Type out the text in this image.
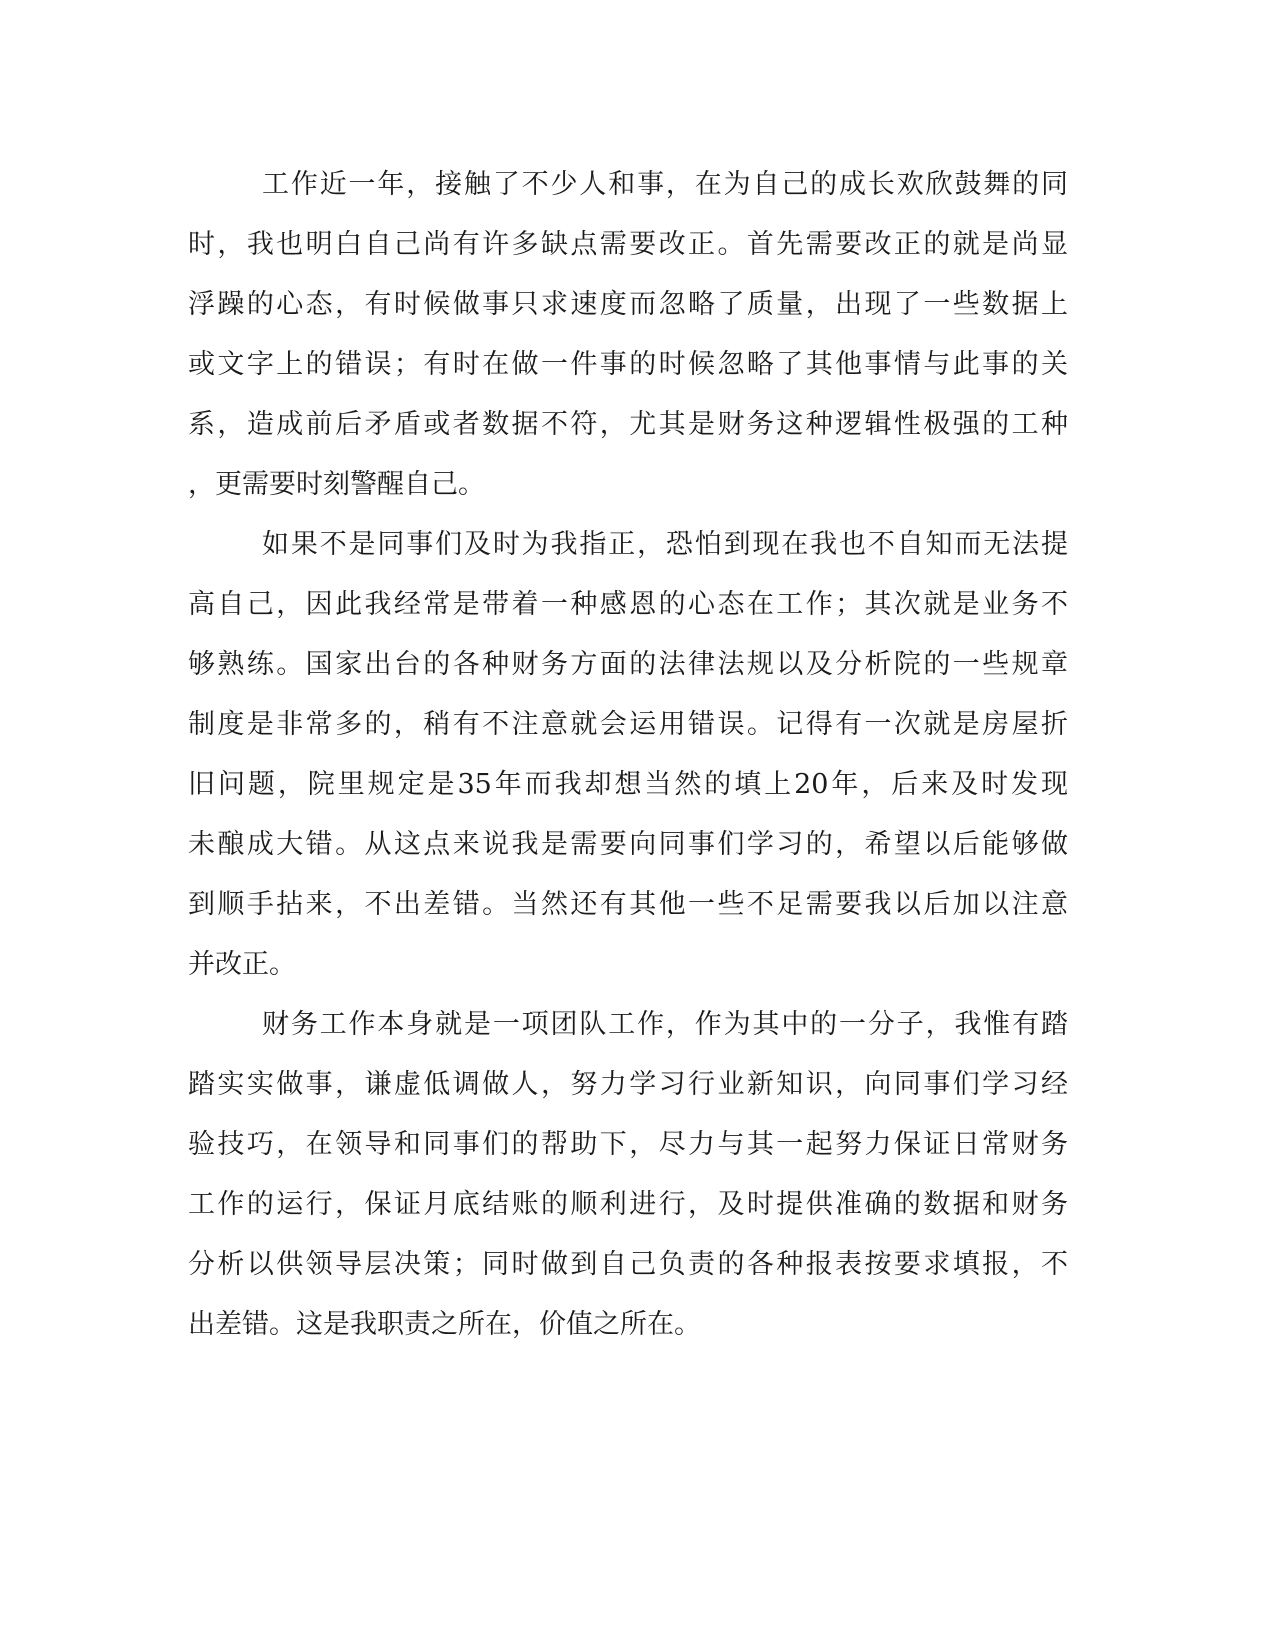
工作近一年，接触了不少人和事，在为自己的成长欢欣鼓舞的同
时，我也明白自己尚有许多缺点需要改正。首先需要改正的就是尚显
浮躁的心态，有时候做事只求速度而忽略了质量，出现了一些数据上
或文字上的错误；有时在做一件事的时候忽略了其他事情与此事的关
系，造成前后矛盾或者数据不符，尤其是财务这种逻辑性极强的工种
，更需要时刻警醒自己。
如果不是同事们及时为我指正，恐怕到现在我也不自知而无法提
高自己，因此我经常是带着一种感恩的心态在工作；其次就是业务不
够熟练。国家出台的各种财务方面的法律法规以及分析院的一些规章
制度是非常多的，稍有不注意就会运用错误。记得有一次就是房屋折
旧问题，院里规定是35年而我却想当然的填上20年，后来及时发现
未酿成大错。从这点来说我是需要向同事们学习的，希望以后能够做
到顺手拈来，不出差错。当然还有其他一些不足需要我以后加以注意
并改正。
财务工作本身就是一项团队工作，作为其中的一分子，我惟有踏
踏实实做事，谦虚低调做人，努力学习行业新知识，向同事们学习经
验技巧，在领导和同事们的帮助下，尽力与其一起努力保证日常财务
工作的运行，保证月底结账的顺利进行，及时提供准确的数据和财务
分析以供领导层决策；同时做到自己负责的各种报表按要求填报，不
出差错。这是我职责之所在，价值之所在。
